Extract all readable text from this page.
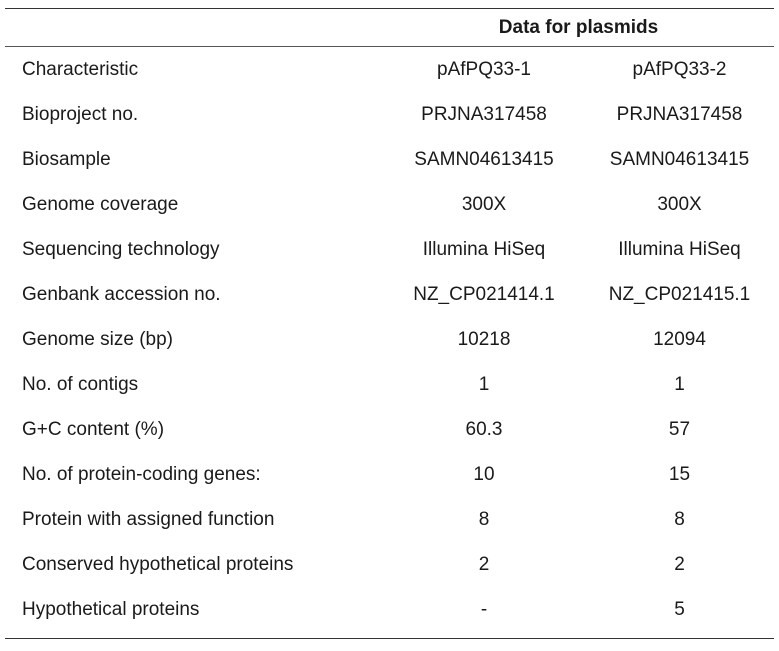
Data for plasmids
Characteristic	pAfPQ33-1	pAfPQ33-2
Bioproject no.	PRJNA317458	PRJNA317458
Biosample	SAMN04613415	SAMN04613415
Genome coverage	300X	300X
Sequencing technology	Illumina HiSeq	Illumina HiSeq
Genbank accession no.	NZ_CP021414.1	NZ_CP021415.1
Genome size (bp)	10218	12094
No. of contigs	1	1
G+C content (%)	60.3	57
No. of protein-coding genes:	10	15
Protein with assigned function	8	8
Conserved hypothetical proteins	2	2
Hypothetical proteins	-	5
